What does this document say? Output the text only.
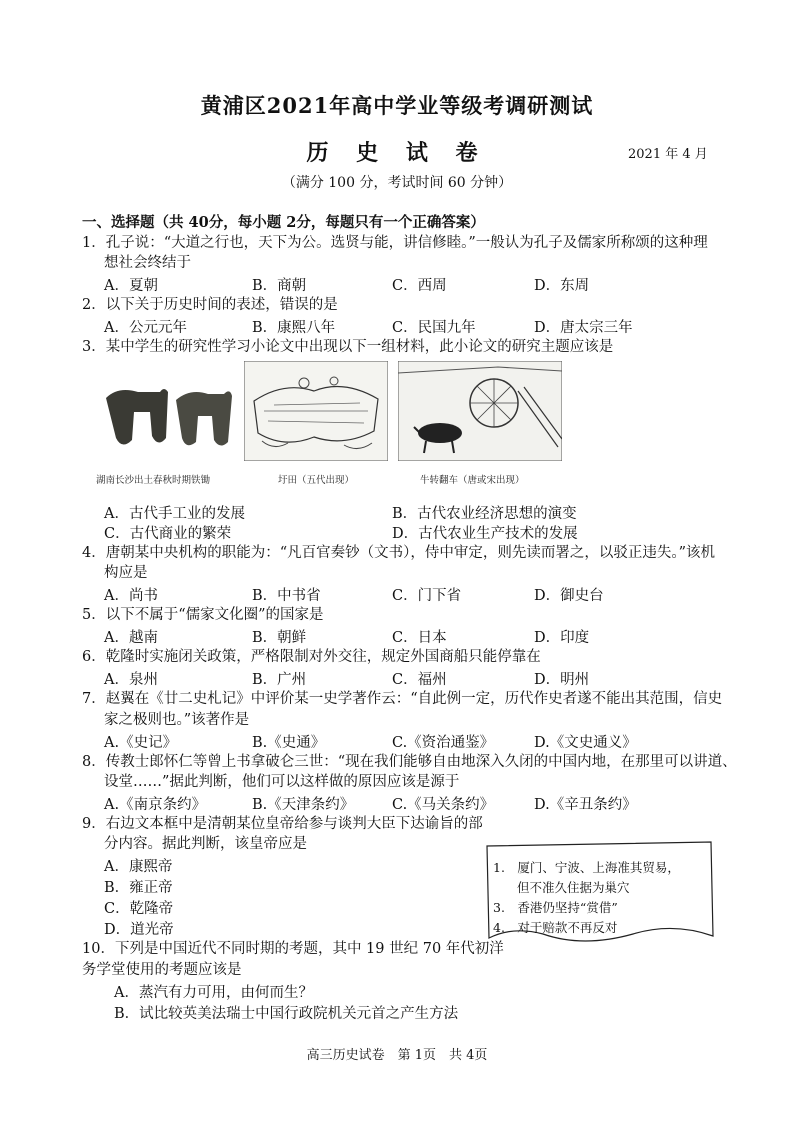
黄浦区2021年高中学业等级考调研测试
历 史 试 卷	2021 年 4 月
（满分 100 分，考试时间 60 分钟）
一、选择题（共 40分，每小题 2分，每题只有一个正确答案）
1．孔子说：“大道之行也，天下为公。选贤与能，讲信修睦。”一般认为孔子及儒家所称颂的这种理
想社会终结于
A．夏朝	B．商朝	C．西周	D．东周
2．以下关于历史时间的表述，错误的是
A．公元元年	B．康熙八年	C．民国九年	D．唐太宗三年
3．某中学生的研究性学习小论文中出现以下一组材料，此小论文的研究主题应该是
湖南长沙出土春秋时期铁锄	圩田（五代出现）	牛转翻车（唐或宋出现）
A．古代手工业的发展	B．古代农业经济思想的演变
C．古代商业的繁荣	D．古代农业生产技术的发展
4．唐朝某中央机构的职能为：“凡百官奏钞（文书），侍中审定，则先读而署之，以驳正违失。”该机
构应是
A．尚书	B．中书省	C．门下省	D．御史台
5．以下不属于“儒家文化圈”的国家是
A．越南	B．朝鲜	C．日本	D．印度
6．乾隆时实施闭关政策，严格限制对外交往，规定外国商船只能停靠在
A．泉州	B．广州	C．福州	D．明州
7．赵翼在《廿二史札记》中评价某一史学著作云：“自此例一定，历代作史者遂不能出其范围，信史
家之极则也。”该著作是
A.《史记》	B.《史通》	C.《资治通鉴》	D.《文史通义》
8．传教士郎怀仁等曾上书拿破仑三世：“现在我们能够自由地深入久闭的中国内地，在那里可以讲道、
设堂……”据此判断，他们可以这样做的原因应该是源于
A.《南京条约》	B.《天津条约》	C.《马关条约》	D.《辛丑条约》
9．右边文本框中是清朝某位皇帝给参与谈判大臣下达谕旨的部
分内容。据此判断，该皇帝应是
A．康熙帝
B．雍正帝
C．乾隆帝
D．道光帝
1.　厦门、宁波、上海准其贸易，
但不准久住据为巢穴
3.　香港仍坚持“赏借”
4.　对于赔款不再反对
10．下列是中国近代不同时期的考题，其中 19 世纪 70 年代初洋
务学堂使用的考题应该是
A．蒸汽有力可用，由何而生？
B．试比较英美法瑞士中国行政院机关元首之产生方法
高三历史试卷　第 1页　共 4页
